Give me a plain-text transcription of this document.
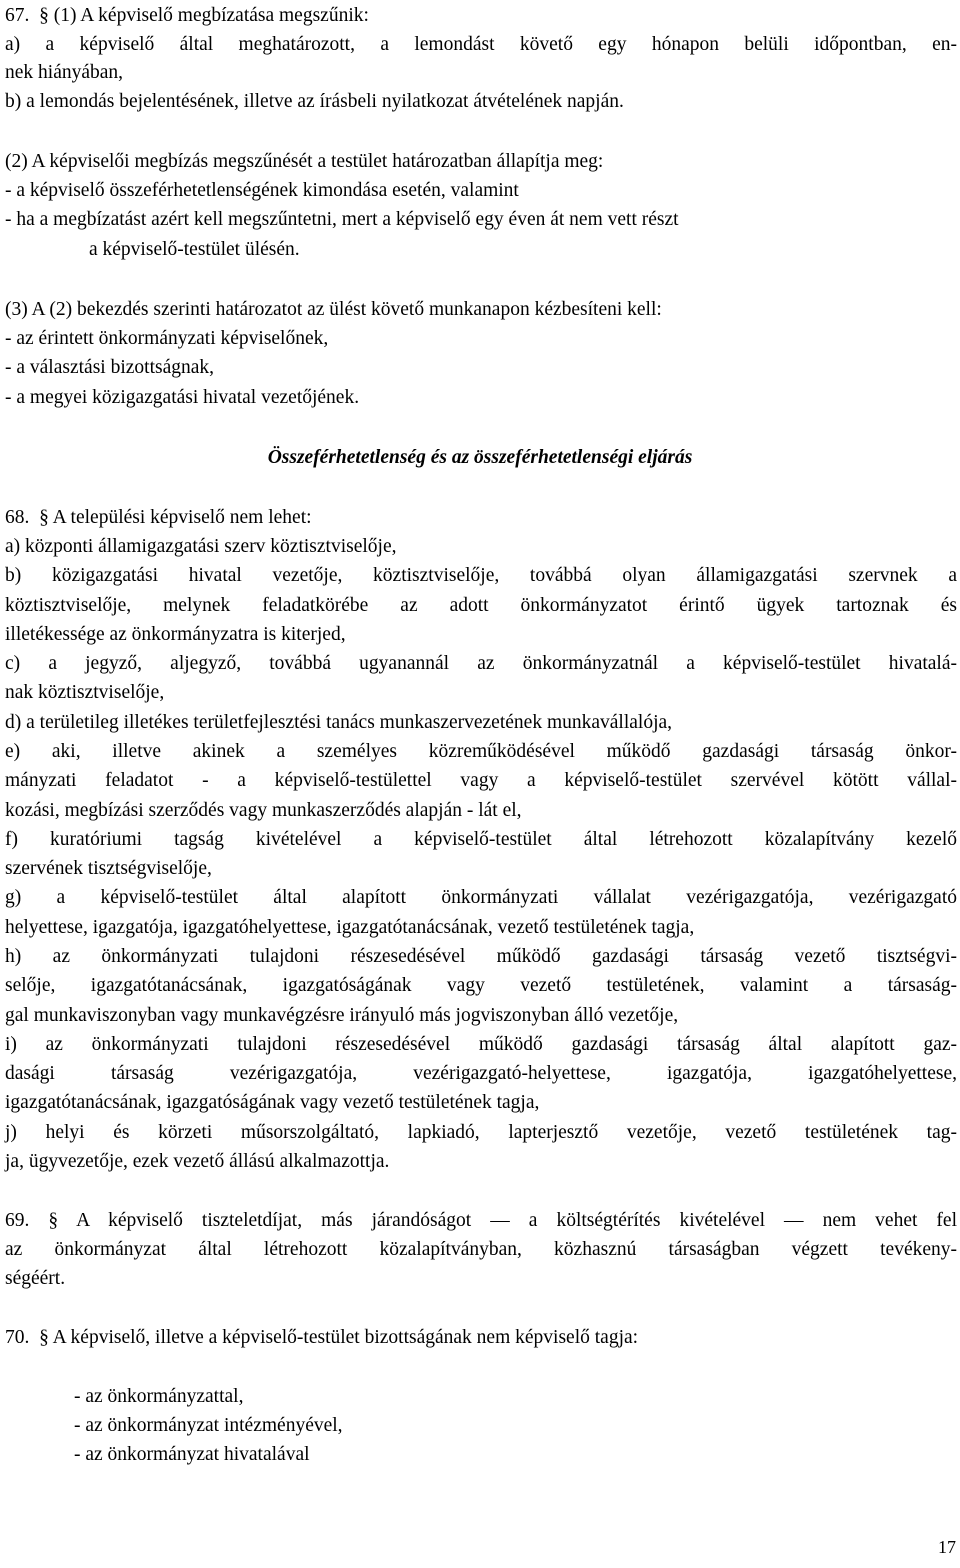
67.  § (1) A képviselő megbízatása megszűnik:
a) a képviselő által meghatározott, a lemondást követő egy hónapon belüli időpontban, en-
nek hiányában,
b) a lemondás bejelentésének, illetve az írásbeli nyilatkozat átvételének napján.
(2) A képviselői megbízás megszűnését a testület határozatban állapítja meg:
- a képviselő összeférhetetlenségének kimondása esetén, valamint
- ha a megbízatást azért kell megszűntetni, mert a képviselő egy éven át nem vett részt
a képviselő-testület ülésén.
(3) A (2) bekezdés szerinti határozatot az ülést követő munkanapon kézbesíteni kell:
- az érintett önkormányzati képviselőnek,
- a választási bizottságnak,
- a megyei közigazgatási hivatal vezetőjének.
Összeférhetetlenség és az összeférhetetlenségi eljárás
68.  § A települési képviselő nem lehet:
a) központi államigazgatási szerv köztisztviselője,
b) közigazgatási hivatal vezetője, köztisztviselője, továbbá olyan államigazgatási szervnek a
köztisztviselője, melynek feladatkörébe az adott önkormányzatot érintő ügyek tartoznak és
illetékessége az önkormányzatra is kiterjed,
c) a jegyző, aljegyző, továbbá ugyanannál az önkormányzatnál a képviselő-testület hivatalá-
nak köztisztviselője,
d) a területileg illetékes területfejlesztési tanács munkaszervezetének munkavállalója,
e) aki, illetve akinek a személyes közreműködésével működő gazdasági társaság önkor-
mányzati feladatot - a képviselő-testülettel vagy a képviselő-testület szervével kötött vállal-
kozási, megbízási szerződés vagy munkaszerződés alapján - lát el,
f) kuratóriumi tagság kivételével a képviselő-testület által létrehozott közalapítvány kezelő
szervének tisztségviselője,
g) a képviselő-testület által alapított önkormányzati vállalat vezérigazgatója, vezérigazgató
helyettese, igazgatója, igazgatóhelyettese, igazgatótanácsának, vezető testületének tagja,
h) az önkormányzati tulajdoni részesedésével működő gazdasági társaság vezető tisztségvi-
selője, igazgatótanácsának, igazgatóságának vagy vezető testületének, valamint a társaság-
gal munkaviszonyban vagy munkavégzésre irányuló más jogviszonyban álló vezetője,
i) az önkormányzati tulajdoni részesedésével működő gazdasági társaság által alapított gaz-
dasági társaság vezérigazgatója, vezérigazgató-helyettese, igazgatója, igazgatóhelyettese,
igazgatótanácsának, igazgatóságának vagy vezető testületének tagja,
j) helyi és körzeti műsorszolgáltató, lapkiadó, lapterjesztő vezetője, vezető testületének tag-
ja, ügyvezetője, ezek vezető állású alkalmazottja.
69. § A képviselő tiszteletdíjat, más járandóságot — a költségtérítés kivételével — nem vehet fel
az önkormányzat által létrehozott közalapítványban, közhasznú társaságban végzett tevékeny-
ségéért.
70.  § A képviselő, illetve a képviselő-testület bizottságának nem képviselő tagja:
- az önkormányzattal,
- az önkormányzat intézményével,
- az önkormányzat hivatalával
17
